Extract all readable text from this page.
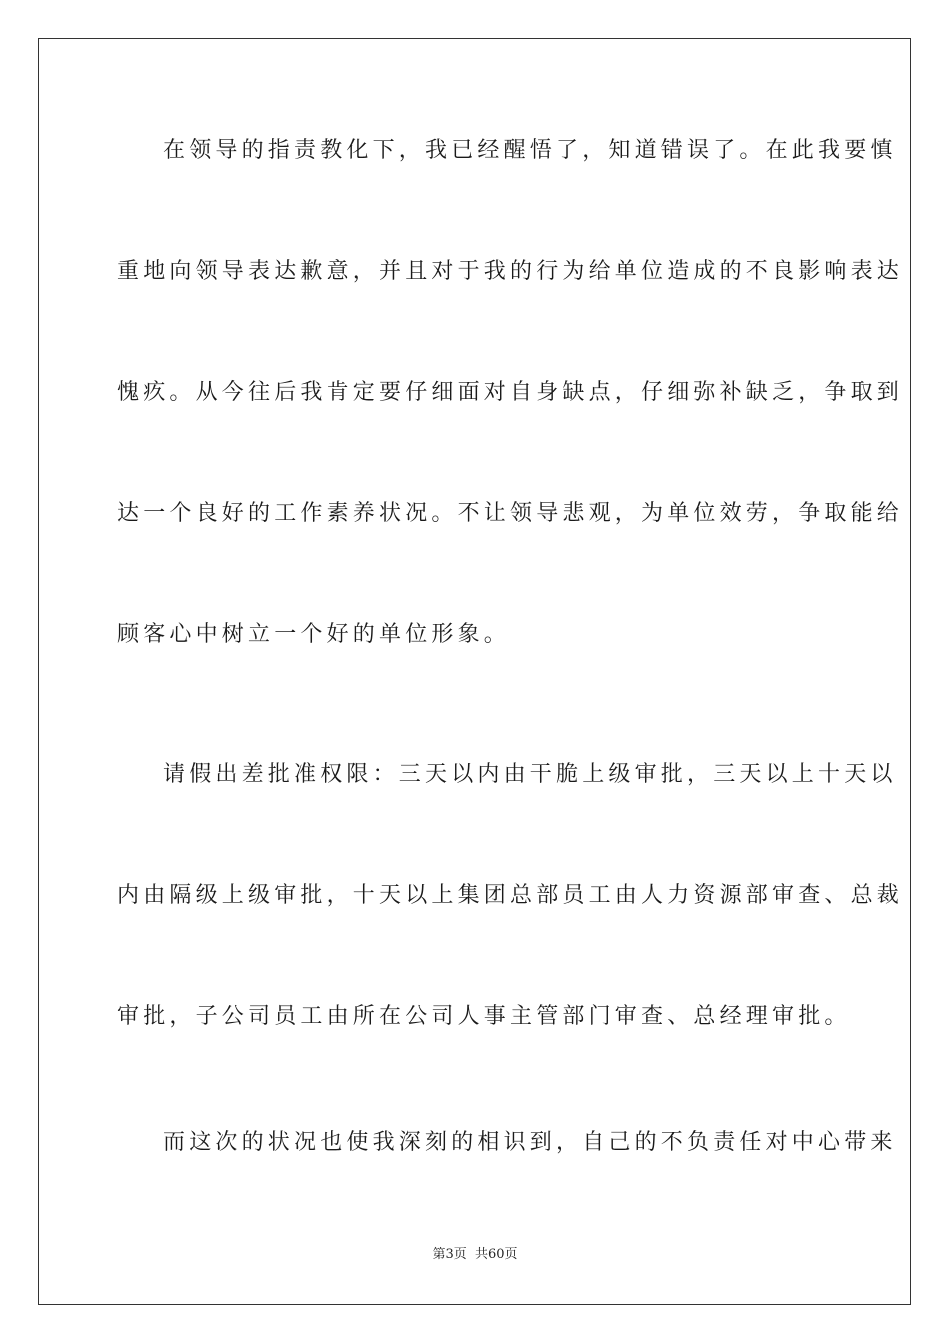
在领导的指责教化下，我已经醒悟了，知道错误了。在此我要慎
重地向领导表达歉意，并且对于我的行为给单位造成的不良影响表达
愧疚。从今往后我肯定要仔细面对自身缺点，仔细弥补缺乏，争取到
达一个良好的工作素养状况。不让领导悲观，为单位效劳，争取能给
顾客心中树立一个好的单位形象。
请假出差批准权限：三天以内由干脆上级审批，三天以上十天以
内由隔级上级审批，十天以上集团总部员工由人力资源部审查、总裁
审批，子公司员工由所在公司人事主管部门审查、总经理审批。
而这次的状况也使我深刻的相识到，自己的不负责任对中心带来
第3页  共60页
